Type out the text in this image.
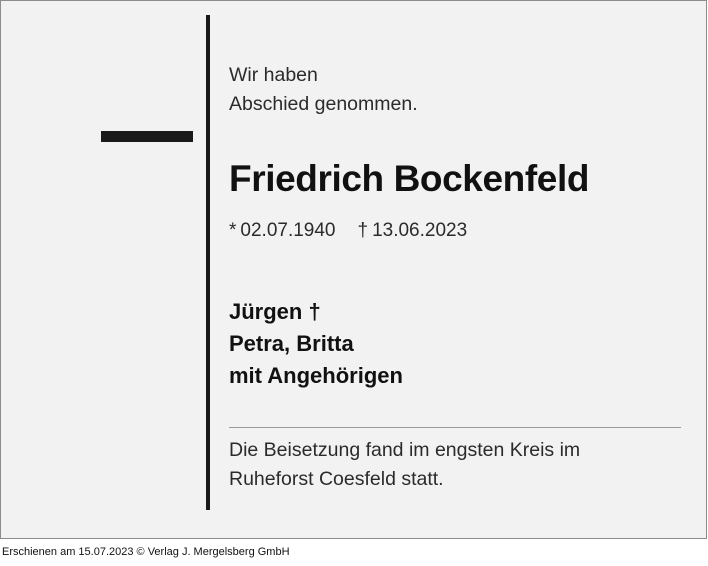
Wir haben
Abschied genommen.
Friedrich Bockenfeld
* 02.07.1940 † 13.06.2023
Jürgen †
Petra, Britta
mit Angehörigen
Die Beisetzung fand im engsten Kreis im
Ruheforst Coesfeld statt.
Erschienen am 15.07.2023 © Verlag J. Mergelsberg GmbH
